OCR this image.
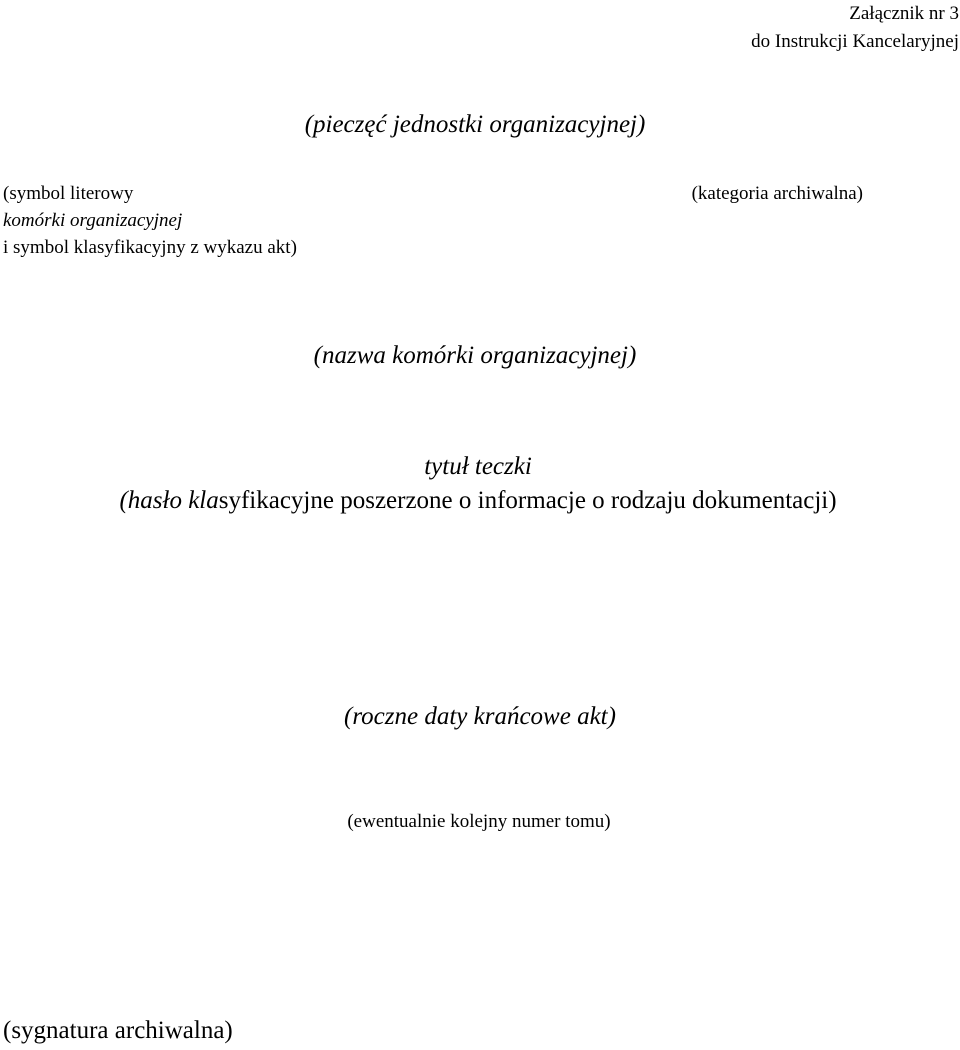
Załącznik nr 3
do Instrukcji Kancelaryjnej
(pieczęć jednostki organizacyjnej)
(symbol literowy
komórki organizacyjnej
i symbol klasyfikacyjny z wykazu akt)
(kategoria archiwalna)
(nazwa komórki organizacyjnej)
tytuł teczki
(hasło klasyfikacyjne poszerzone o informacje o rodzaju dokumentacji)
(roczne daty krańcowe akt)
(ewentualnie kolejny numer tomu)
(sygnatura archiwalna)
